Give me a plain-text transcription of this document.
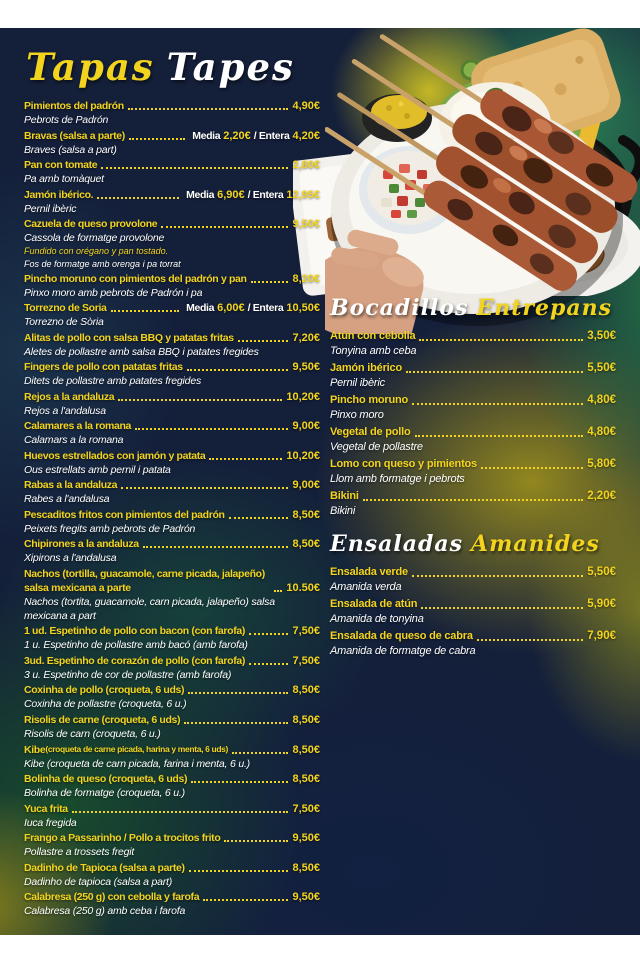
Tapas Tapes
Pimientos del padrón	4,90€
Pebrots de Padrón
Bravas (salsa a parte)	Media 2,20€ / Entera 4,20€
Braves (salsa a part)
Pan con tomate	2,80€
Pa amb tomàquet
Jamón ibérico.	Media 6,90€ / Entera 12,95€
Pernil ibèric
Cazuela de queso provolone	9,50€
Cassola de formatge provolone
Fundido con orégano y pan tostado.
Fos de formatge amb orenga i pa torrat
Pincho moruno con pimientos del padrón y pan	8,20€
Pinxo moro amb pebrots de Padrón i pa
Torrezno de Soria	Media 6,00€ / Entera 10,50€
Torrezno de Sòria
Alitas de pollo con salsa BBQ y patatas fritas	7,20€
Aletes de pollastre amb salsa BBQ i patates fregides
Fingers de pollo con patatas fritas	9,50€
Ditets de pollastre amb patates fregides
Rejos a la andaluza	10,20€
Rejos a l'andalusa
Calamares a la romana	9,00€
Calamars a la romana
Huevos estrellados con jamón y patata	10,20€
Ous estrellats amb pernil i patata
Rabas a la andaluza	9,00€
Rabes a l'andalusa
Pescaditos fritos con pimientos del padrón	8,50€
Peixets fregits amb pebrots de Padrón
Chipirones a la andaluza	8,50€
Xipirons a l'andalusa
Nachos (tortilla, guacamole, carne picada, jalapeño) salsa mexicana a parte	10.50€
Nachos (tortita, guacamole, carn picada, jalapeño) salsa mexicana a part
1 ud. Espetinho de pollo con bacon (con farofa)	7,50€
1 u. Espetinho de pollastre amb bacó (amb farofa)
3ud. Espetinho de corazón de pollo (con farofa)	7,50€
3 u. Espetinho de cor de pollastre (amb farofa)
Coxinha de pollo (croqueta, 6 uds)	8,50€
Coxinha de pollastre (croqueta, 6 u.)
Risolis de carne (croqueta, 6 uds)	8,50€
Risolis de carn (croqueta, 6 u.)
Kibe (croqueta de carne picada, harina y menta, 6 uds)	8,50€
Kibe (croqueta de carn picada, farina i menta, 6 u.)
Bolinha de queso (croqueta, 6 uds)	8,50€
Bolinha de formatge (croqueta, 6 u.)
Yuca frita	7,50€
Iuca fregida
Frango a Passarinho / Pollo a trocitos frito	9,50€
Pollastre a trossets fregit
Dadinho de Tapioca (salsa a parte)	8,50€
Dadinho de tapioca (salsa a part)
Calabresa (250 g) con cebolla y farofa	9,50€
Calabresa (250 g) amb ceba i farofa
Bocadillos Entrepans
Atún con cebolla	3,50€
Tonyina amb ceba
Jamón ibérico	5,50€
Pernil ibèric
Pincho moruno	4,80€
Pinxo moro
Vegetal de pollo	4,80€
Vegetal de pollastre
Lomo con queso y pimientos	5,80€
Llom amb formatge i pebrots
Bikini	2,20€
Bikini
Ensaladas Amanides
Ensalada verde	5,50€
Amanida verda
Ensalada de atún	5,90€
Amanida de tonyina
Ensalada de queso de cabra	7,90€
Amanida de formatge de cabra
